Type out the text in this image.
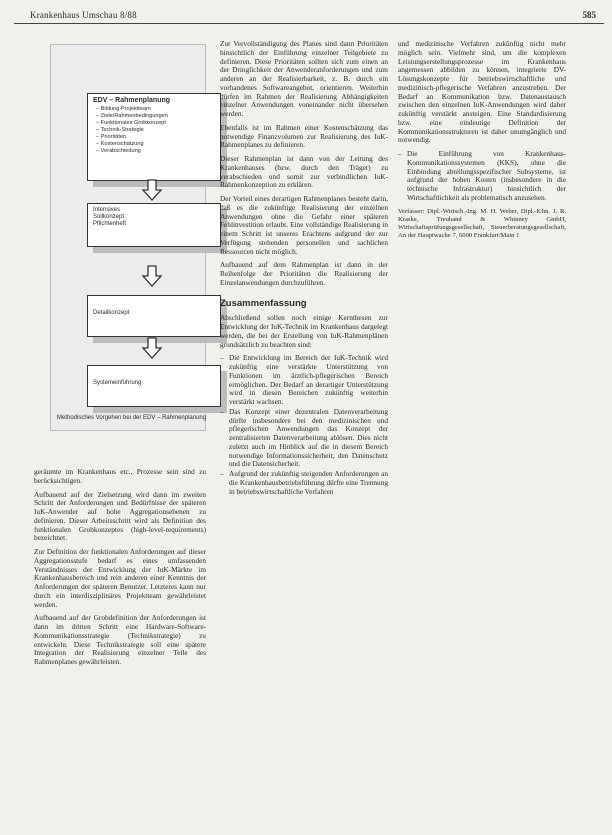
Krankenhaus Umschau 8/88	585
EDV – Rahmenplanung
– Bildung Projektteam
– Ziele/Rahmenbedingungen
– Funktionales Grobkonzept
– Technik-Strategie
– Prioritäten
– Kostenschätzung
– Verabschiedung
Intensives
Sollkonzept
Pflichtenheft
Detailkonzept
Systemeinführung
Methodisches Vorgehen bei der EDV – Rahmenplanung

geräumte im Krankenhaus etc., Prozesse sein sind zu berücksichtigen.

Aufbauend auf der Zielsetzung wird dann im zweiten Schritt der Anforderungen und Bedürfnisse der späteren IuK-Anwender auf hohe Aggregationsebenen zu definieren. Dieser Arbeitsschritt wird als Definition des funktionalen Grobkonzeptes (high-level-requirements) bezeichnet.

Zur Definition der funktionalen Anforderungen auf dieser Aggregationsstufe bedarf es eines umfassenden Verständnisses der Entwicklung der IuK-Märkte im Krankenhausbereich und rein anderen einer Kenntnis der Anforderungen der späteren Benutzer. Letzteres kann nur durch ein interdisziplinäres Projektteam gewährleistet werden.

Aufbauend auf der Grobdefinition der Anforderungen ist dann im dritten Schritt eine Hardware-Software-Kommunikationsstrategie (Technikstrategie) zu entwickeln. Diese Technikstrategie soll eine spätere Integration der Realisierung einzelner Teile des Rahmenplanes gewährleisten.

Zur Vervollständigung des Planes sind dann Prioritäten hinsichtlich der Einführung einzelner Teilgebiete zu definieren. Diese Prioritäten sollten sich zum einen an der Dringlichkeit der Anwenderanforderungen und zum anderen an der Realisierbarkeit, z. B. durch ein vorhandenes Softwareangebot, orientieren. Weiterhin dürfen im Rahmen der Realisierung Abhängigkeiten einzelner Anwendungen voneinander nicht übersehen werden.

Ebenfalls ist im Rahmen einer Kostenschätzung das notwendige Finanzvolumen zur Realisierung des IuK-Rahmenplanes zu definieren.

Dieser Rahmenplan ist dann von der Leitung des Krankenhauses (bzw. durch den Träger) zu verabschieden und somit zur verbindlichen IuK-Rahmenkonzeption zu erklären.

Der Vorteil eines derartigen Rahmenplanes besteht darin, daß es die zukünftige Realisierung der einzelnen Anwendungen ohne die Gefahr einer späteren Fehlinvestition erlaubt. Eine vollständige Realisierung in einem Schritt ist unseres Erachtens aufgrund der zur Verfügung stehenden personellen und sachlichen Ressourcen nicht möglich.

Aufbauend auf dem Rahmenplan ist dann in der Reihenfolge der Prioritäten die Realisierung der Einzelanwendungen durchzuführen.

Zusammenfassung

Abschließend sollen noch einige Kernthesen zur Entwicklung der IuK-Technik im Krankenhaus dargelegt werden, die bei der Erstellung von IuK-Rahmenplänen grundsätzlich zu beachten sind:

– Die Entwicklung im Bereich der IuK-Technik wird zukünftig eine verstärkte Unterstützung von Funktionen im ärztlich-pflegerischen Bereich ermöglichen. Der Bedarf an derartiger Unterstützung wird in diesen Bereichen zukünftig weiterhin verstärkt wachsen.
– Das Konzept einer dezentralen Datenverarbeitung dürfte insbesondere bei den medizinischen und pflegerischen Anwendungen das Konzept der zentralisierten Datenverarbeitung ablösen. Dies nicht zuletzt auch im Hinblick auf die in diesem Bereich notwendige Informationssicherheit, den Datenschutz und die Datensicherheit.
– Aufgrund der zukünftig steigenden Anforderungen an die Krankenhausbetriebsführung dürfte eine Trennung in betriebswirtschaftliche Verfahren

und medizinische Verfahren zukünftig nicht mehr möglich sein. Vielmehr sind, um die komplexen Leistungserstellungsprozesse im Krankenhaus angemessen abbilden zu können, integrierte DV-Lösungskonzepte für betriebswirtschaftliche und medizinisch-pflegerische Verfahren anzustreben. Der Bedarf an Kommunikation bzw. Datenaustausch zwischen den einzelnen IuK-Anwendungen wird daher zukünftig verstärkt ansteigen. Eine Standardisierung bzw. eine eindeutige Definition der Kommunikationsstrukturen ist daher unumgänglich und notwendig.

– Die Einführung von Krankenhaus-Kommunikationssystemen (KKS), ohne die Einbindung abteilungsspezifischer Subsysteme, ist aufgrund der hohen Kosten (insbesondere in die technische Infrastruktur) hinsichtlich der Wirtschaftlichkeit als problematisch anzusehen.

Verfasser: Dipl.-Wirtsch.-Ing. M. H. Weber, Dipl.-Kfm. J. R. Kraske, Treuhand & Whinney GmbH, Wirtschaftsprüfungsgesellschaft, Steuerberatungsgesellschaft, An der Hauptwache 7, 6000 Frankfurt/Main 1
